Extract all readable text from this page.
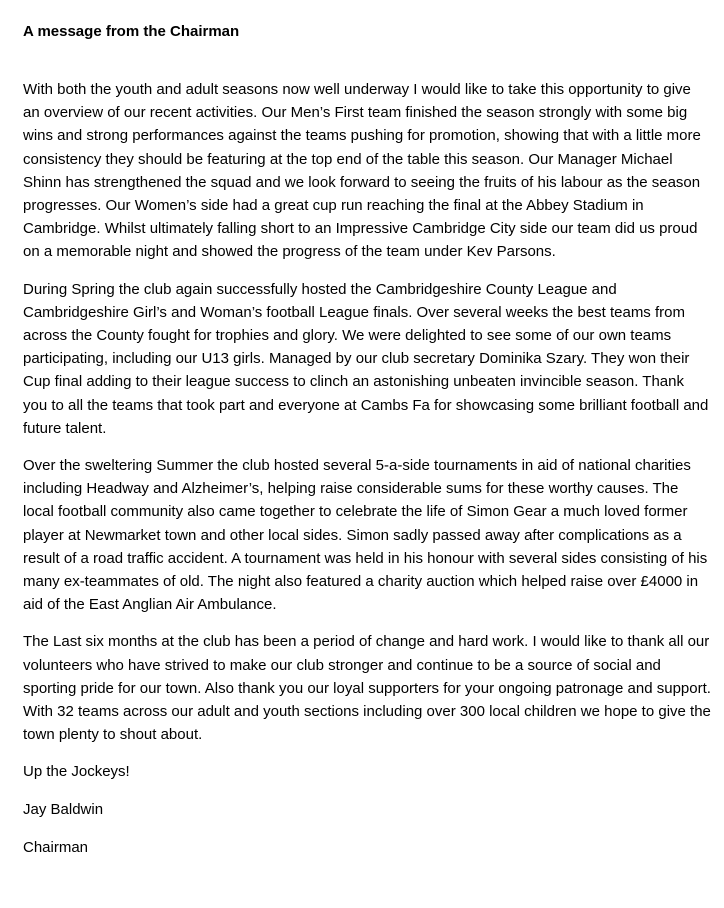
A message from the Chairman

With both the youth and adult seasons now well underway I would like to take this opportunity to give an overview of our recent activities. Our Men’s First team finished the season strongly with some big wins and strong performances against the teams pushing for promotion, showing that with a little more consistency they should be featuring at the top end of the table this season. Our Manager Michael Shinn has strengthened the squad and we look forward to seeing the fruits of his labour as the season progresses. Our Women’s side had a great cup run reaching the final at the Abbey Stadium in Cambridge. Whilst ultimately falling short to an Impressive Cambridge City side our team did us proud on a memorable night and showed the progress of the team under Kev Parsons.

During Spring the club again successfully hosted the Cambridgeshire County League and Cambridgeshire Girl’s and Woman’s football League finals. Over several weeks the best teams from across the County fought for trophies and glory. We were delighted to see some of our own teams participating, including our U13 girls. Managed by our club secretary Dominika Szary. They won their Cup final adding to their league success to clinch an astonishing unbeaten invincible season. Thank you to all the teams that took part and everyone at Cambs Fa for showcasing some brilliant football and future talent.

Over the sweltering Summer the club hosted several 5-a-side tournaments in aid of national charities including Headway and Alzheimer’s, helping raise considerable sums for these worthy causes. The local football community also came together to celebrate the life of Simon Gear a much loved former player at Newmarket town and other local sides. Simon sadly passed away after complications as a result of a road traffic accident. A tournament was held in his honour with several sides consisting of his many ex-teammates of old. The night also featured a charity auction which helped raise over £4000 in aid of the East Anglian Air Ambulance.

The Last six months at the club has been a period of change and hard work. I would like to thank all our volunteers who have strived to make our club stronger and continue to be a source of social and sporting pride for our town. Also thank you our loyal supporters for your ongoing patronage and support. With 32 teams across our adult and youth sections including over 300 local children we hope to give the town plenty to shout about.

Up the Jockeys!

Jay Baldwin

Chairman
